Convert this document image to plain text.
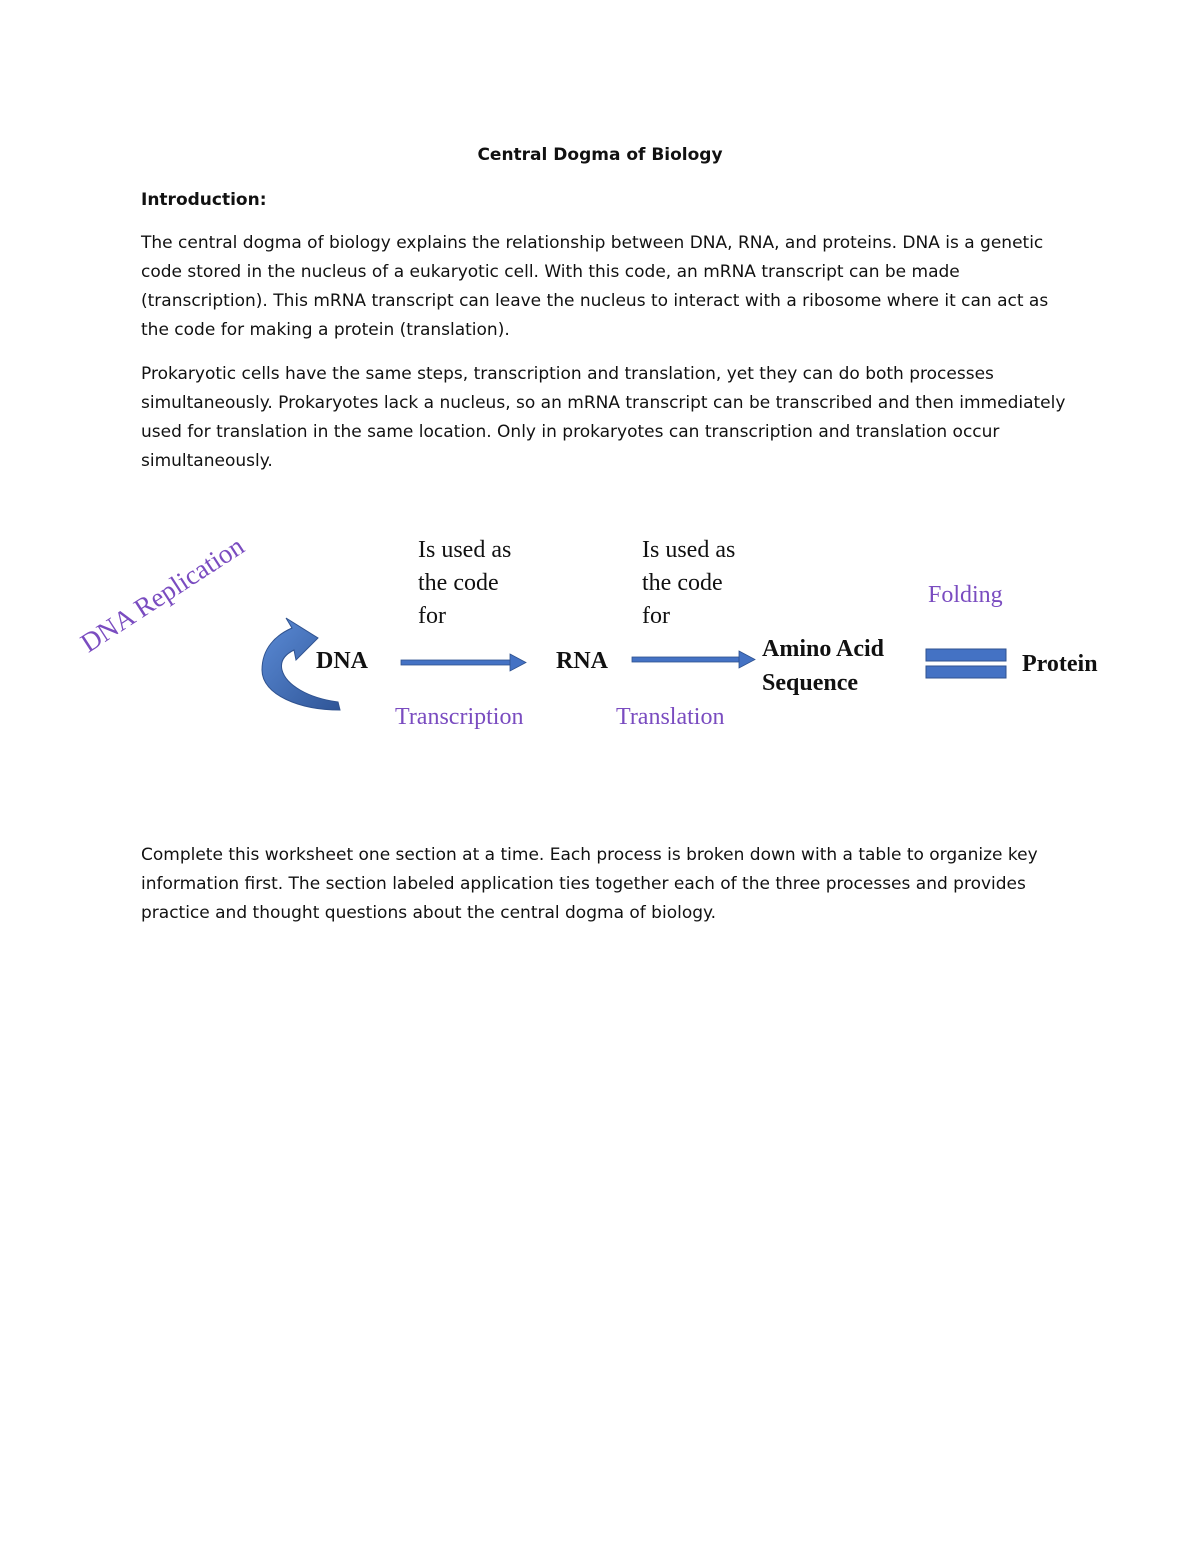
Central Dogma of Biology
Introduction:

The central dogma of biology explains the relationship between DNA, RNA, and proteins. DNA is a genetic code stored in the nucleus of a eukaryotic cell. With this code, an mRNA transcript can be made (transcription). This mRNA transcript can leave the nucleus to interact with a ribosome where it can act as the code for making a protein (translation).

Prokaryotic cells have the same steps, transcription and translation, yet they can do both processes simultaneously. Prokaryotes lack a nucleus, so an mRNA transcript can be transcribed and then immediately used for translation in the same location. Only in prokaryotes can transcription and translation occur simultaneously.

DNA Replication
DNA
Is used as the code for
Transcription
RNA
Is used as the code for
Translation
Amino Acid
Sequence
Folding
Protein

Complete this worksheet one section at a time. Each process is broken down with a table to organize key information first. The section labeled application ties together each of the three processes and provides practice and thought questions about the central dogma of biology.
